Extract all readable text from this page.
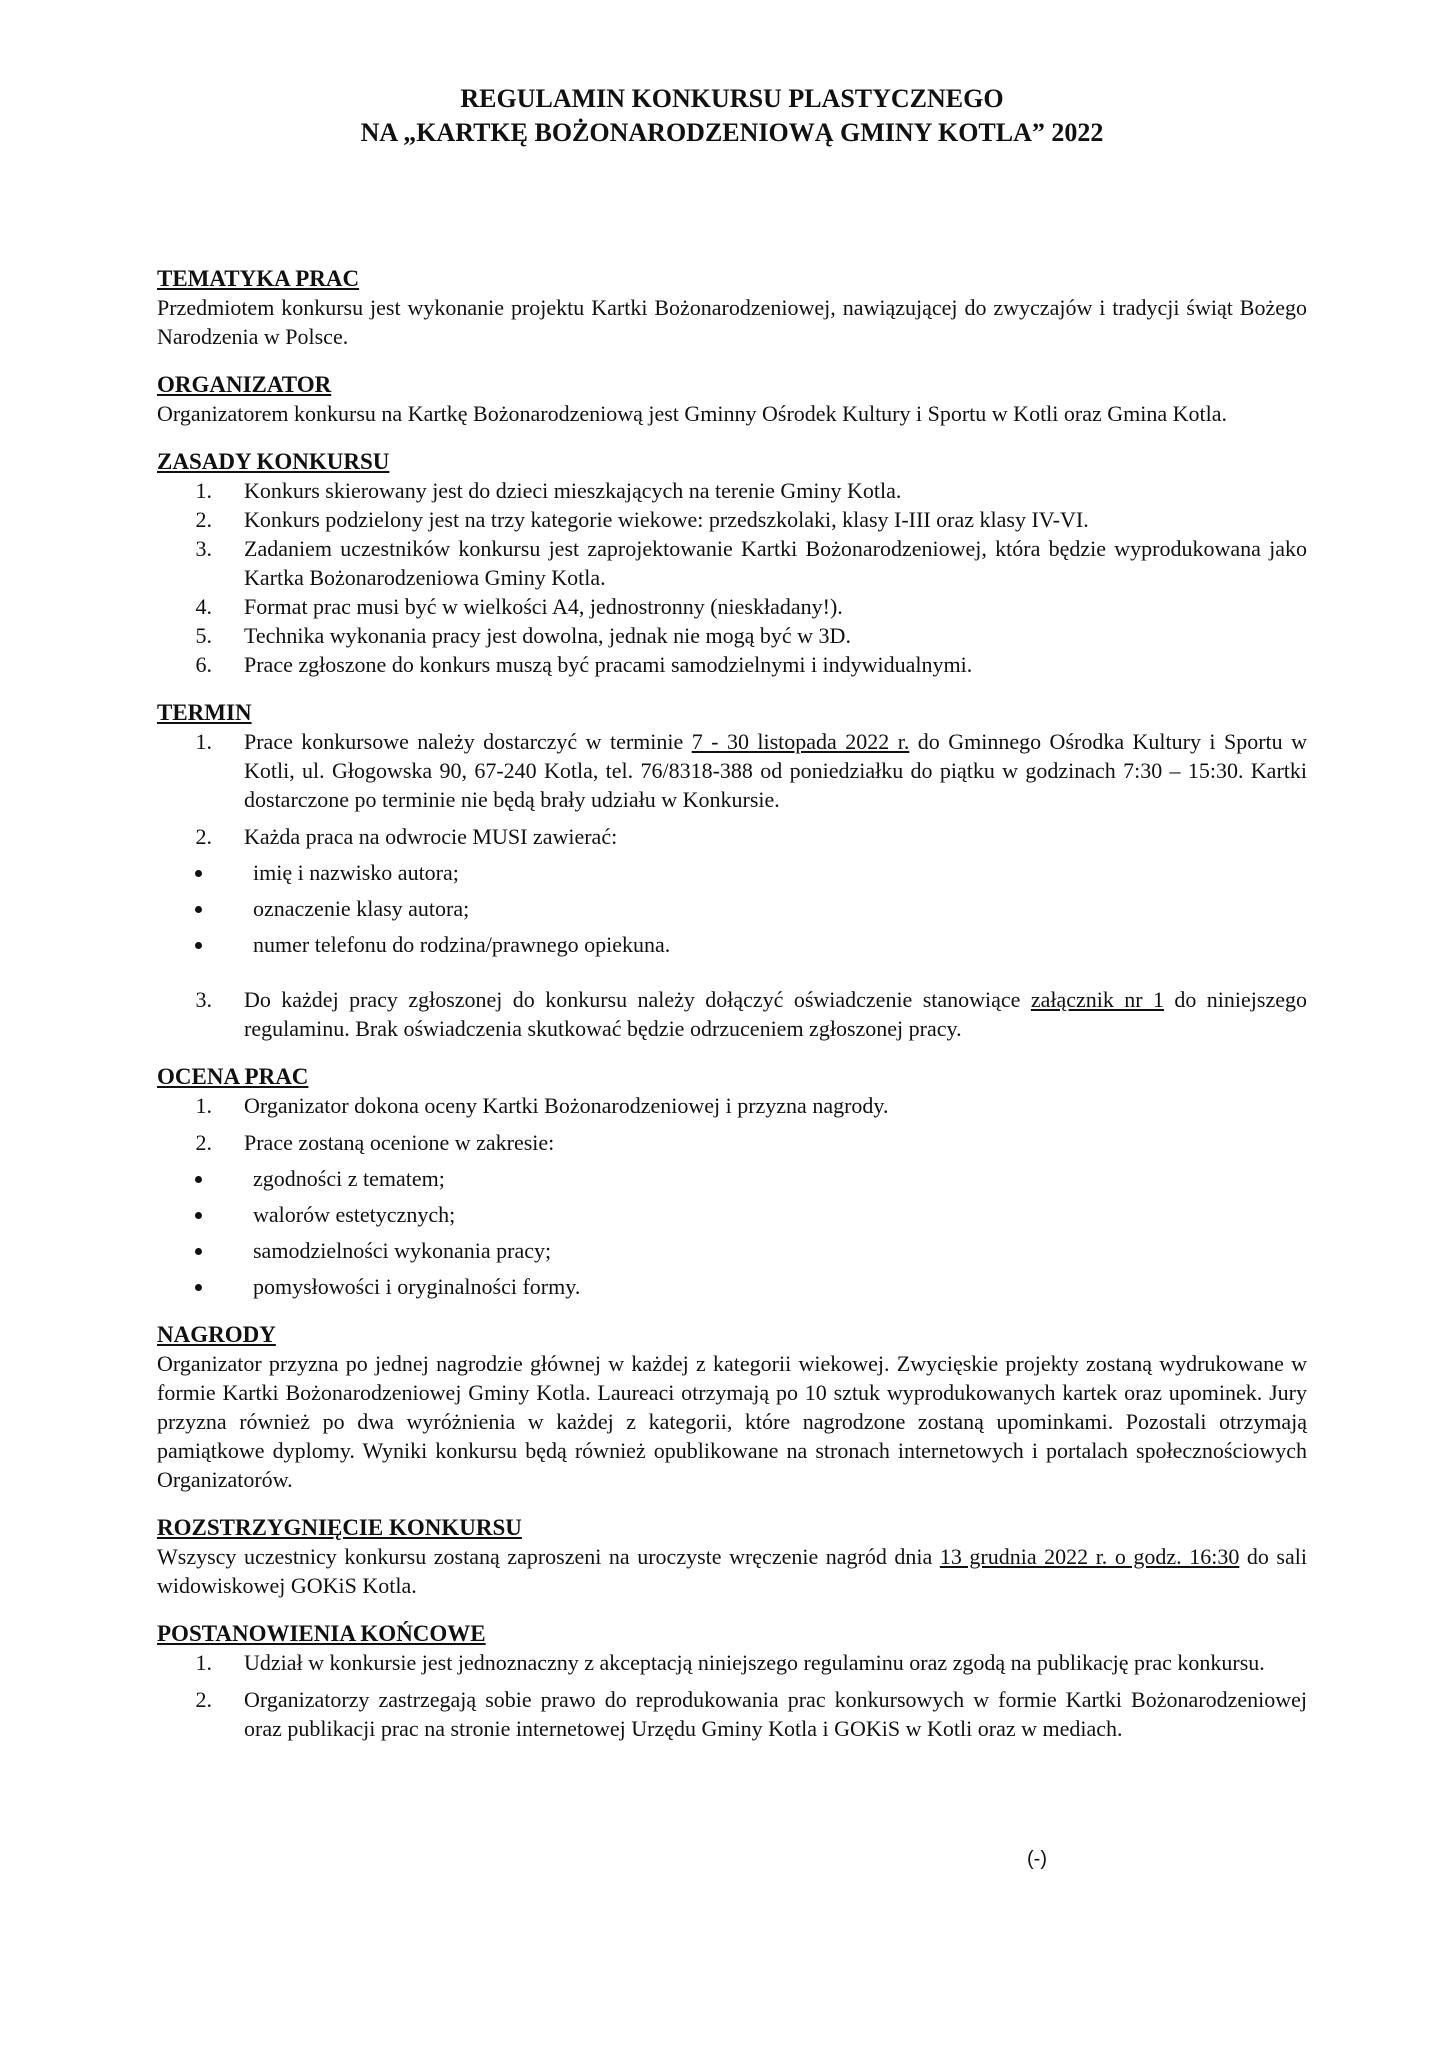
REGULAMIN KONKURSU PLASTYCZNEGO
NA „KARTKĘ BOŻONARODZENIOWĄ GMINY KOTLA” 2022

TEMATYKA PRAC

Przedmiotem konkursu jest wykonanie projektu Kartki Bożonarodzeniowej, nawiązującej do zwyczajów i tradycji świąt Bożego Narodzenia w Polsce.

ORGANIZATOR

Organizatorem konkursu na Kartkę Bożonarodzeniową jest Gminny Ośrodek Kultury i Sportu w Kotli oraz Gmina Kotla.

ZASADY KONKURSU

1.	Konkurs skierowany jest do dzieci mieszkających na terenie Gminy Kotla.
2.	Konkurs podzielony jest na trzy kategorie wiekowe: przedszkolaki, klasy I-III oraz klasy IV-VI.
3.	Zadaniem uczestników konkursu jest zaprojektowanie Kartki Bożonarodzeniowej, która będzie wyprodukowana jako Kartka Bożonarodzeniowa Gminy Kotla.
4.	Format prac musi być w wielkości A4, jednostronny (nieskładany!).
5.	Technika wykonania pracy jest dowolna, jednak nie mogą być w 3D.
6.	Prace zgłoszone do konkurs muszą być pracami samodzielnymi i indywidualnymi.

TERMIN

1.	Prace konkursowe należy dostarczyć w terminie 7 - 30 listopada 2022 r. do Gminnego Ośrodka Kultury i Sportu w Kotli, ul. Głogowska 90, 67-240 Kotla, tel. 76/8318-388 od poniedziałku do piątku w godzinach 7:30 – 15:30. Kartki dostarczone po terminie nie będą brały udziału w Konkursie.
2.	Każda praca na odwrocie MUSI zawierać:
imię i nazwisko autora;
oznaczenie klasy autora;
numer telefonu do rodzina/prawnego opiekuna.
3.	Do każdej pracy zgłoszonej do konkursu należy dołączyć oświadczenie stanowiące załącznik nr 1 do niniejszego regulaminu. Brak oświadczenia skutkować będzie odrzuceniem zgłoszonej pracy.

OCENA PRAC

1.	Organizator dokona oceny Kartki Bożonarodzeniowej i przyzna nagrody.
2.	Prace zostaną ocenione w zakresie:
zgodności z tematem;
walorów estetycznych;
samodzielności wykonania pracy;
pomysłowości i oryginalności formy.

NAGRODY

Organizator przyzna po jednej nagrodzie głównej w każdej z kategorii wiekowej. Zwycięskie projekty zostaną wydrukowane w formie Kartki Bożonarodzeniowej Gminy Kotla. Laureaci otrzymają po 10 sztuk wyprodukowanych kartek oraz upominek. Jury przyzna również po dwa wyróżnienia w każdej z kategorii, które nagrodzone zostaną upominkami. Pozostali otrzymają pamiątkowe dyplomy. Wyniki konkursu będą również opublikowane na stronach internetowych i portalach społecznościowych Organizatorów.

ROZSTRZYGNIĘCIE KONKURSU

Wszyscy uczestnicy konkursu zostaną zaproszeni na uroczyste wręczenie nagród dnia 13 grudnia 2022 r. o godz. 16:30 do sali widowiskowej GOKiS Kotla.

POSTANOWIENIA KOŃCOWE

1.	Udział w konkursie jest jednoznaczny z akceptacją niniejszego regulaminu oraz zgodą na publikację prac konkursu.
2.	Organizatorzy zastrzegają sobie prawo do reprodukowania prac konkursowych w formie Kartki Bożonarodzeniowej oraz publikacji prac na stronie internetowej Urzędu Gminy Kotla i GOKiS w Kotli oraz w mediach.
(-)
